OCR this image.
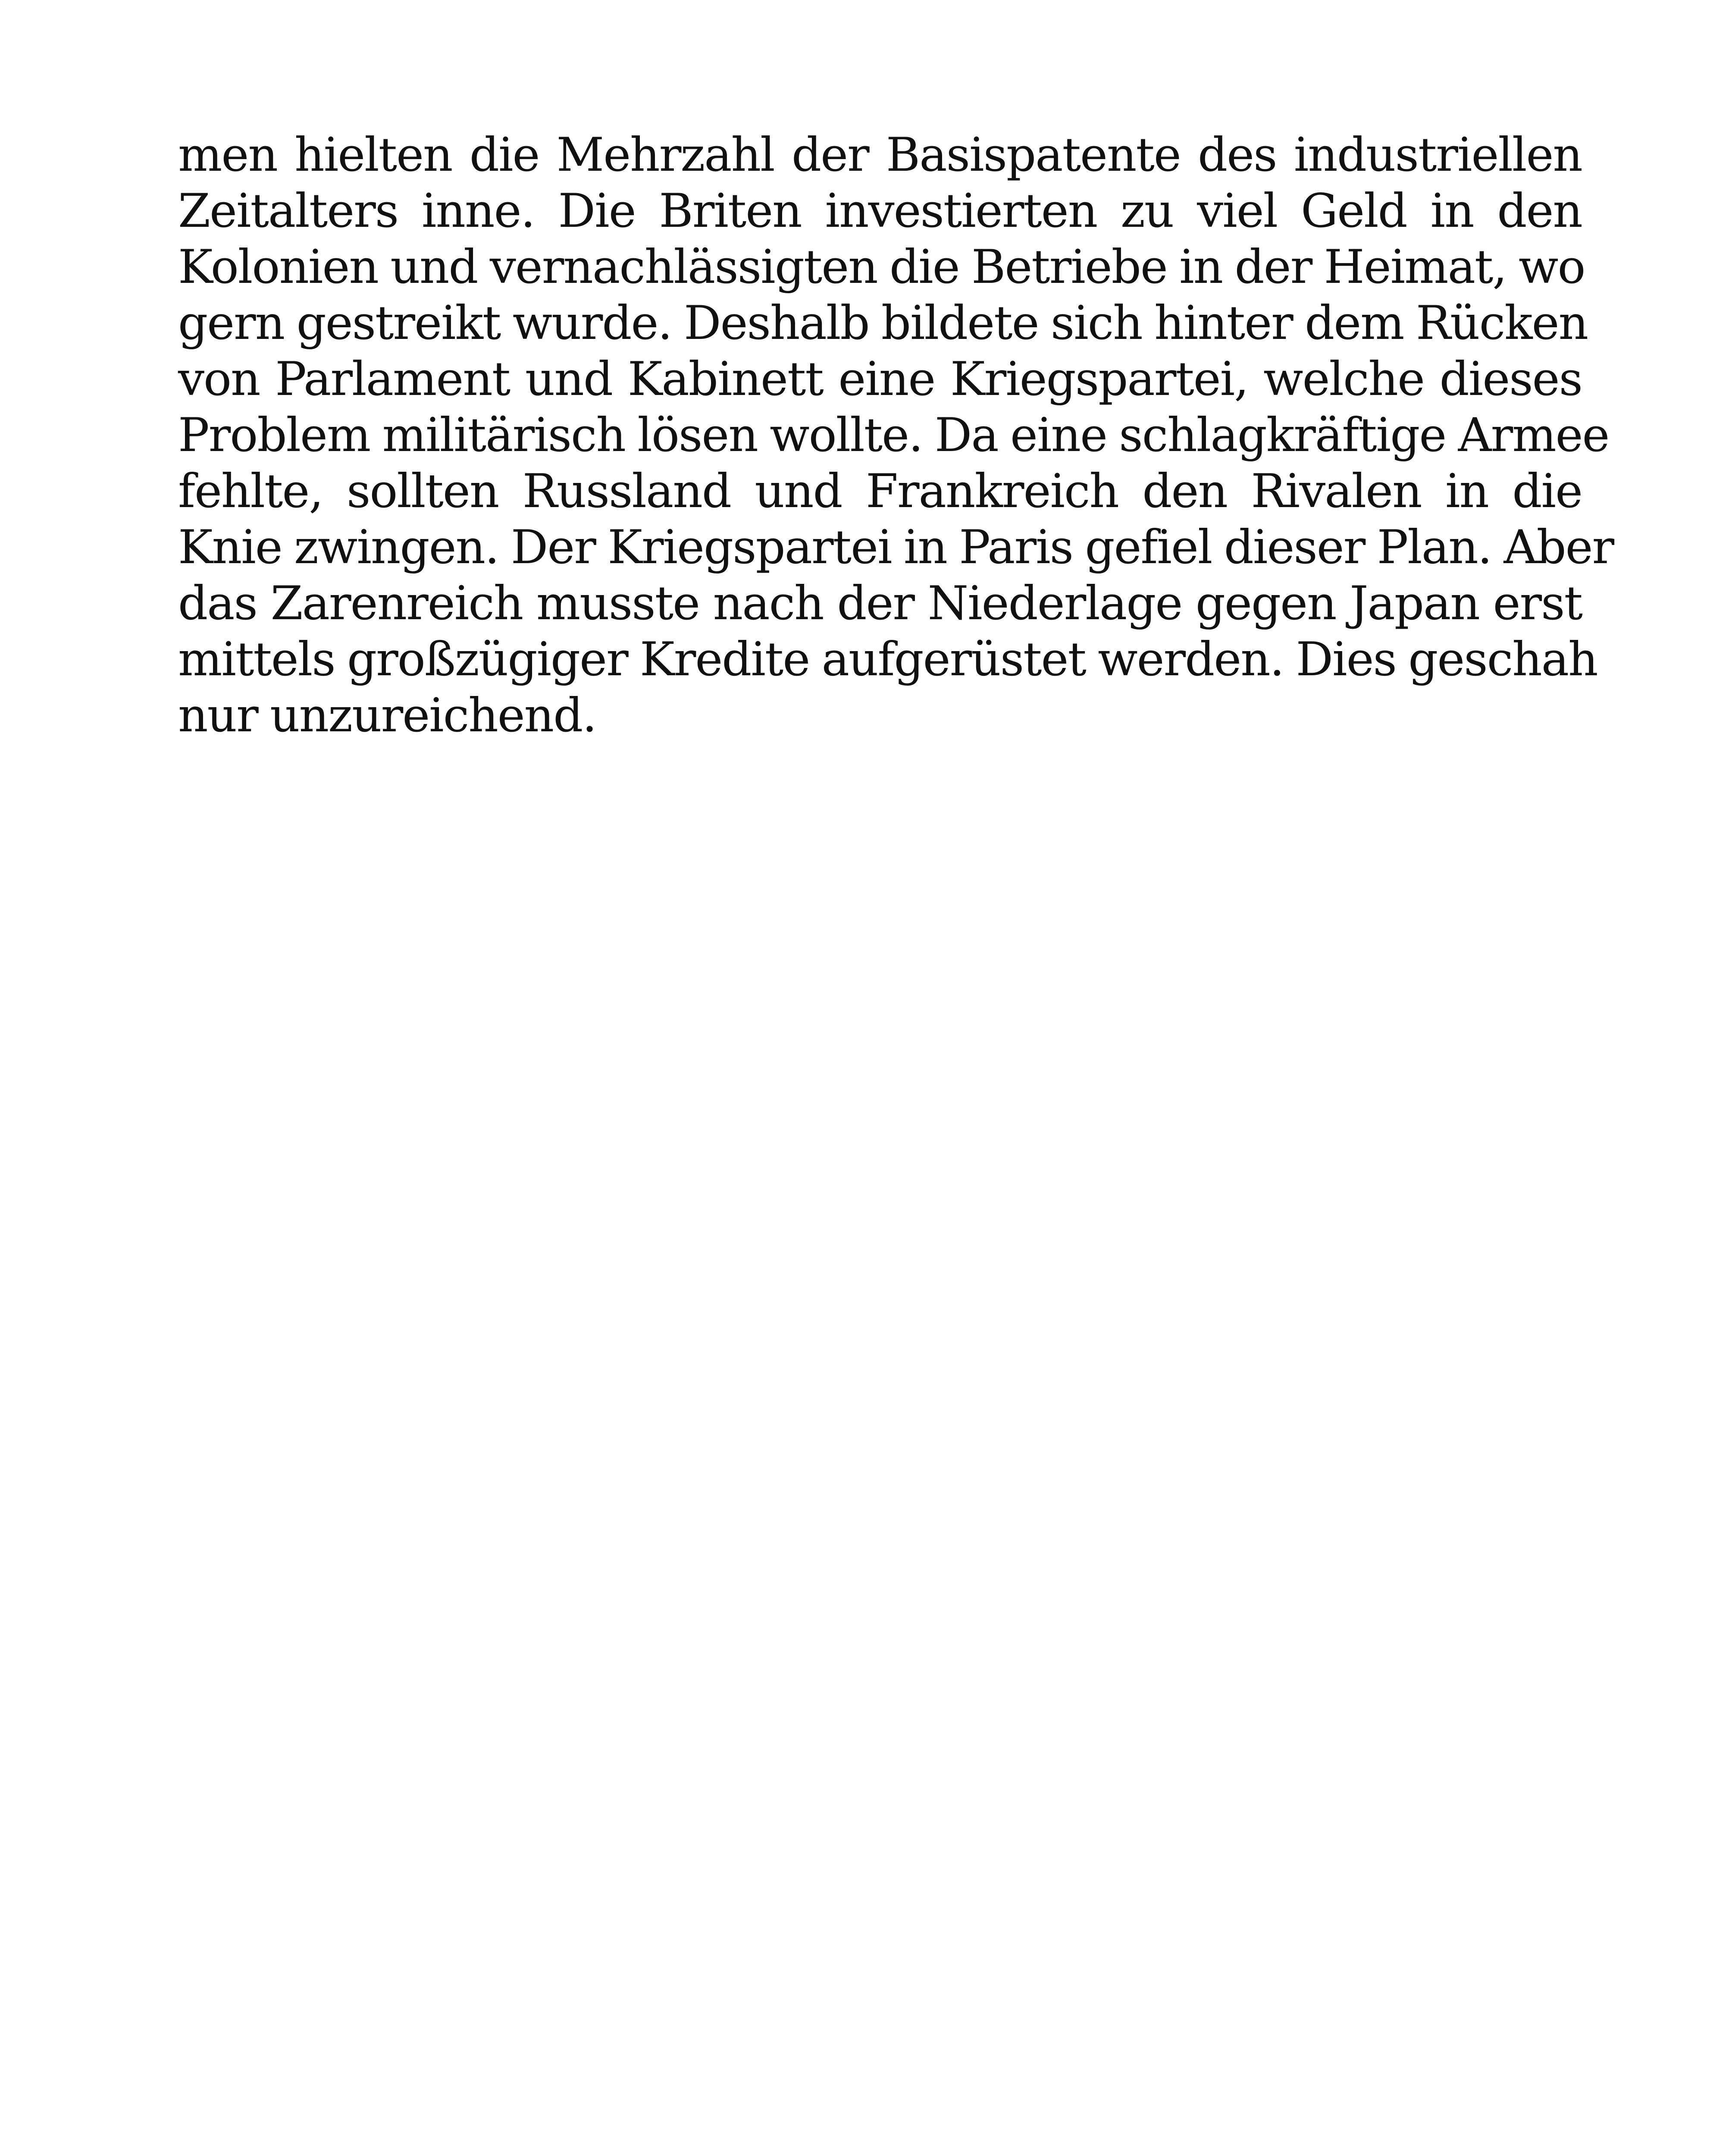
men hielten die Mehrzahl der Basispatente des industriellen
Zeitalters inne. Die Briten investierten zu viel Geld in den
Kolonien und vernachlässigten die Betriebe in der Heimat, wo
gern gestreikt wurde. Deshalb bildete sich hinter dem Rücken
von Parlament und Kabinett eine Kriegspartei, welche dieses
Problem militärisch lösen wollte. Da eine schlagkräftige Armee
fehlte, sollten Russland und Frankreich den Rivalen in die
Knie zwingen. Der Kriegspartei in Paris gefiel dieser Plan. Aber
das Zarenreich musste nach der Niederlage gegen Japan erst
mittels großzügiger Kredite aufgerüstet werden. Dies geschah
nur unzureichend.
